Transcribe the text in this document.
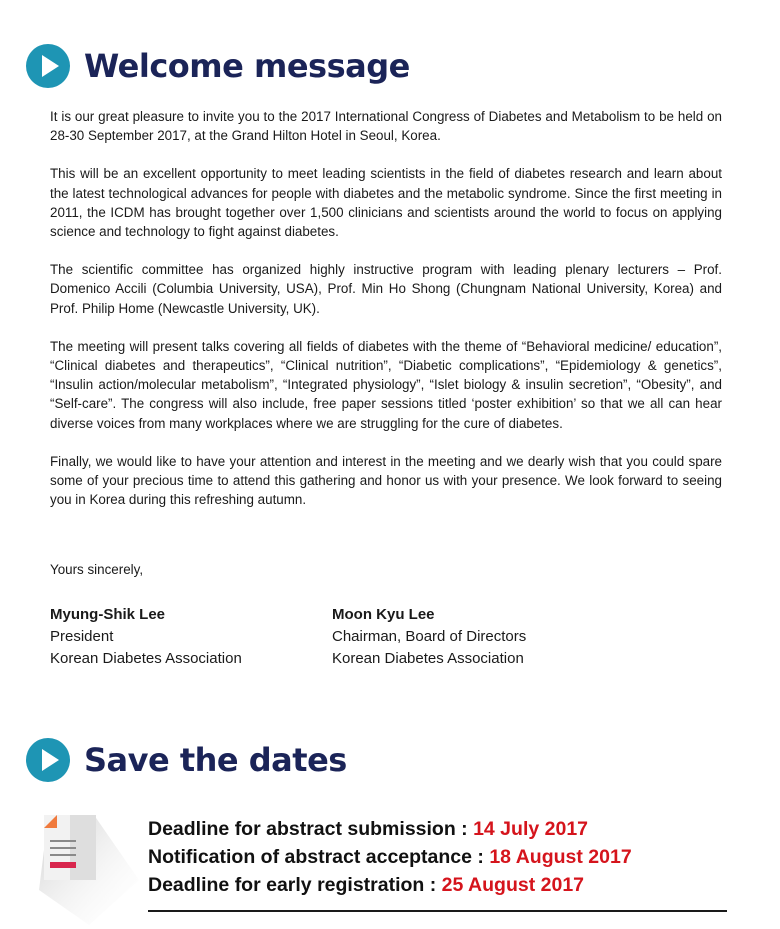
Welcome message

It is our great pleasure to invite you to the 2017 International Congress of Diabetes and Metabolism to be held on 28-30 September 2017, at the Grand Hilton Hotel in Seoul, Korea.

This will be an excellent opportunity to meet leading scientists in the field of diabetes research and learn about the latest technological advances for people with diabetes and the metabolic syndrome. Since the first meeting in 2011, the ICDM has brought together over 1,500 clinicians and scientists around the world to focus on applying science and technology to fight against diabetes.

The scientific committee has organized highly instructive program with leading plenary lecturers – Prof. Domenico Accili (Columbia University, USA), Prof. Min Ho Shong (Chungnam National University, Korea) and Prof. Philip Home (Newcastle University, UK).

The meeting will present talks covering all fields of diabetes with the theme of “Behavioral medicine/ education”, “Clinical diabetes and therapeutics”, “Clinical nutrition”, “Diabetic complications”, “Epidemiology & genetics”, “Insulin action/molecular metabolism”, “Integrated physiology”, “Islet biology & insulin secretion”, “Obesity”, and “Self-care”. The congress will also include, free paper sessions titled ‘poster exhibition’ so that we all can hear diverse voices from many workplaces where we are struggling for the cure of diabetes.

Finally, we would like to have your attention and interest in the meeting and we dearly wish that you could spare some of your precious time to attend this gathering and honor us with your presence. We look forward to seeing you in Korea during this refreshing autumn.

Yours sincerely,
Myung-Shik Lee
President
Korean Diabetes Association
Moon Kyu Lee
Chairman, Board of Directors
Korean Diabetes Association
Save the dates
Deadline for abstract submission : 14 July 2017
Notification of abstract acceptance : 18 August 2017
Deadline for early registration : 25 August 2017
